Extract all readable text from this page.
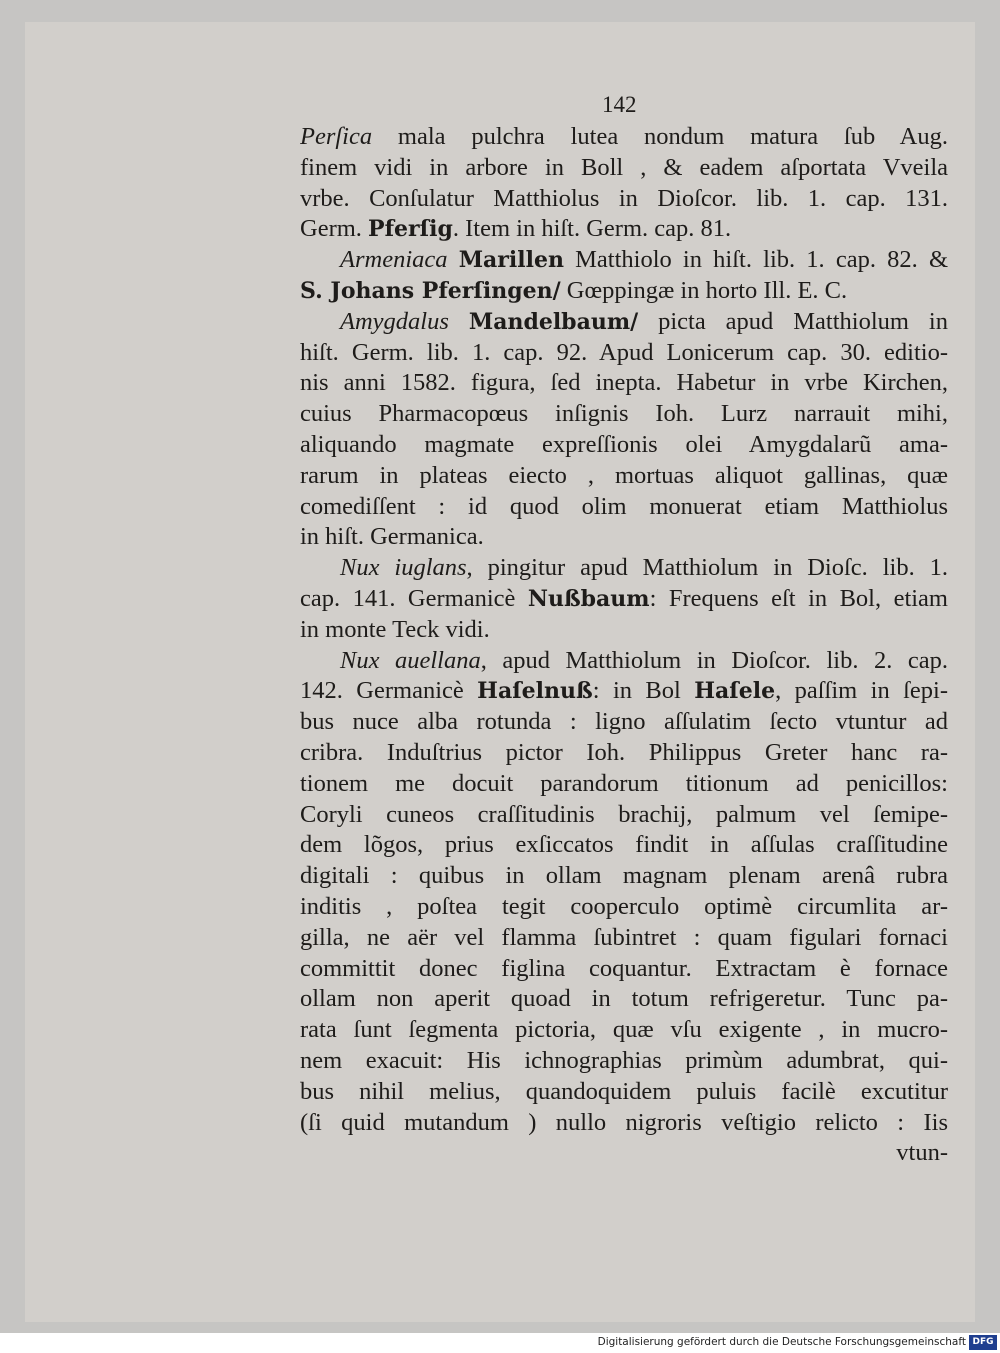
142
Perſica mala pulchra lutea nondum matura ſub Aug.
finem vidi in arbore in Boll , & eadem aſportata Vveila
vrbe. Conſulatur Matthiolus in Dioſcor. lib. 1. cap. 131.
Germ. Pferſig. Item in hiſt. Germ. cap. 81.
Armeniaca Marillen Matthiolo in hiſt. lib. 1. cap. 82. &
S. Johans Pferſingen/ Gœppingæ in horto Ill. E. C.
Amygdalus Mandelbaum/ picta apud Matthiolum in
hiſt. Germ. lib. 1. cap. 92. Apud Lonicerum cap. 30. editio-
nis anni 1582. figura, ſed inepta. Habetur in vrbe Kirchen,
cuius Pharmacopœus inſignis Ioh. Lurz narrauit mihi,
aliquando magmate expreſſionis olei Amygdalarũ ama-
rarum in plateas eiecto , mortuas aliquot gallinas, quæ
comediſſent : id quod olim monuerat etiam Matthiolus
in hiſt. Germanica.
Nux iuglans, pingitur apud Matthiolum in Dioſc. lib. 1.
cap. 141. Germanicè Nußbaum: Frequens eſt in Bol, etiam
in monte Teck vidi.
Nux auellana, apud Matthiolum in Dioſcor. lib. 2. cap.
142. Germanicè Haſelnuß: in Bol Haſele, paſſim in ſepi-
bus nuce alba rotunda : ligno aſſulatim ſecto vtuntur ad
cribra. Induſtrius pictor Ioh. Philippus Greter hanc ra-
tionem me docuit parandorum titionum ad penicillos:
Coryli cuneos craſſitudinis brachij, palmum vel ſemipe-
dem lõgos, prius exſiccatos findit in aſſulas craſſitudine
digitali : quibus in ollam magnam plenam arenâ rubra
inditis , poſtea tegit cooperculo optimè circumlita ar-
gilla, ne aër vel flamma ſubintret : quam figulari fornaci
committit donec figlina coquantur. Extractam è fornace
ollam non aperit quoad in totum refrigeretur. Tunc pa-
rata ſunt ſegmenta pictoria, quæ vſu exigente , in mucro-
nem exacuit: His ichnographias primùm adumbrat, qui-
bus nihil melius, quandoquidem puluis facilè excutitur
(ſi quid mutandum ) nullo nigroris veſtigio relicto : Iis
vtun-
Digitalisierung gefördert durch die Deutsche Forschungsgemeinschaft DFG
